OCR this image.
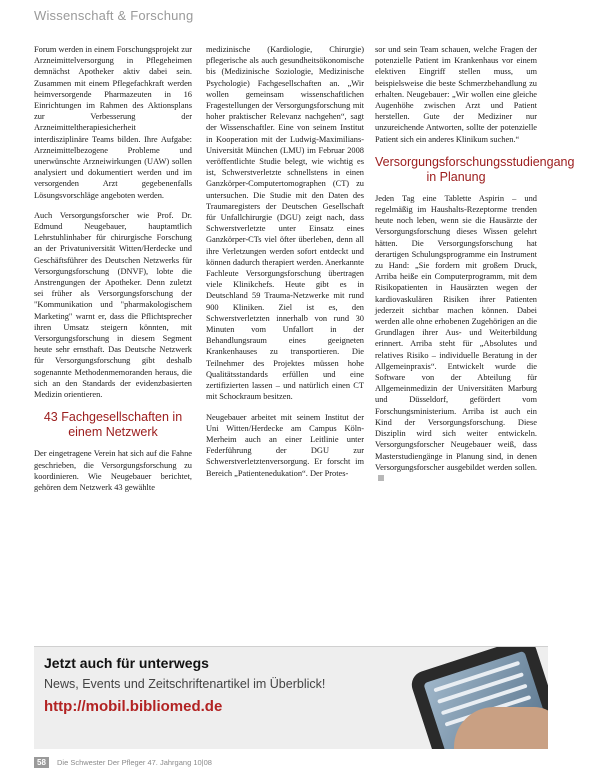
Wissenschaft & Forschung

Forum werden in einem Forschungsprojekt zur Arzneimittelversorgung in Pflegeheimen demnächst Apotheker aktiv dabei sein. Zusammen mit einem Pflegefachkraft werden heimversorgende Pharmazeuten in 16 Einrichtungen im Rahmen des Aktionsplans zur Verbesserung der Arzneimitteltherapiesicherheit interdisziplinäre Teams bilden. Ihre Aufgabe: Arzneimittelbezogene Probleme und unerwünschte Arzneiwirkungen (UAW) sollen analysiert und dokumentiert werden und im versorgenden Arzt gegebenenfalls Lösungsvorschläge angeboten werden.

Auch Versorgungsforscher wie Prof. Dr. Edmund Neugebauer, hauptamtlich Lehrstuhlinhaber für chirurgische Forschung an der Privatuniversität Witten/Herdecke und Geschäftsführer des Deutschen Netzwerks für Versorgungsforschung (DNVF), lobte die Anstrengungen der Apotheker. Denn zuletzt sei früher als Versorgungsforschung der "Kommunikation und "pharmakologischem Marketing" warnt er, dass die Pflichtsprecher ihren Umsatz steigern könnten, mit Versorgungsforschung in diesem Segment heute sehr ernsthaft. Das Deutsche Netzwerk für Versorgungsforschung gibt deshalb sogenannte Methodenmemoranden heraus, die sich an den Standards der evidenzbasierten Medizin orientieren.

43 Fachgesellschaften in einem Netzwerk

Der eingetragene Verein hat sich auf die Fahne geschrieben, die Versorgungsforschung zu koordinieren. Wie Neugebauer berichtet, gehören dem Netzwerk 43 gewählte

medizinische (Kardiologie, Chirurgie) pflegerische als auch gesundheitsökonomische bis (Medizinische Soziologie, Medizinische Psychologie) Fachgesellschaften an. „Wir wollen gemeinsam wissenschaftlichen Fragestellungen der Versorgungsforschung mit hoher praktischer Relevanz nachgehen“, sagt der Wissenschaftler. Eine von seinem Institut in Kooperation mit der Ludwig-Maximilians-Universität München (LMU) im Februar 2008 veröffentlichte Studie belegt, wie wichtig es ist, Schwerstverletzte schnellstens in einen Ganzkörper-Computertomographen (CT) zu untersuchen. Die Studie mit den Daten des Traumaregisters der Deutschen Gesellschaft für Unfallchirurgie (DGU) zeigt nach, dass Schwerstverletzte unter Einsatz eines Ganzkörper-CTs viel öfter überleben, denn all ihre Verletzungen werden sofort entdeckt und können dadurch therapiert werden. Anerkannte Fachleute Versorgungsforschung übertragen viele Klinikchefs. Heute gibt es in Deutschland 59 Trauma-Netzwerke mit rund 900 Kliniken. Ziel ist es, den Schwerstverletzten innerhalb von rund 30 Minuten vom Unfallort in der Behandlungsraum eines geeigneten Krankenhauses zu transportieren. Die Teilnehmer des Projektes müssen hohe Qualitätsstandards erfüllen und eine zertifizierten lassen – und natürlich einen CT mit Schockraum besitzen.

Neugebauer arbeitet mit seinem Institut der Uni Witten/Herdecke am Campus Köln-Merheim auch an einer Leitlinie unter Federführung der DGU zur Schwerstverletztenversorgung. Er forscht im Bereich „Patientenedukation“. Der Protes-

sor und sein Team schauen, welche Fragen der potenzielle Patient im Krankenhaus vor einem elektiven Eingriff stellen muss, um beispielsweise die beste Schmerzbehandlung zu erhalten. Neugebauer: „Wir wollen eine gleiche Augenhöhe zwischen Arzt und Patient herstellen. Gute der Mediziner nur unzureichende Antworten, sollte der potenzielle Patient sich ein anderes Klinikum suchen.“

Versorgungsforschungsstudiengang in Planung

Jeden Tag eine Tablette Aspirin – und regelmäßig im Haushalts-Rezeptorme trenden heute noch leben, wenn sie die Hausärzte der Versorgungsforschung dieses Wissen gelehrt hätten. Die Versorgungsforschung hat derartigen Schulungsprogramme ein Instrument zu Hand: „Sie fordern mit großem Druck, Arriba heiße ein Computerprogramm, mit dem Risikopatienten in Hausärzten wegen der kardiovaskulären Risiken ihrer Patienten jederzeit sichtbar machen können. Dabei werden alle ohne erhobenen Zugehörigen an die Grundlagen ihrer Aus- und Weiterbildung erinnert. Arriba steht für „Absolutes und relatives Risiko – individuelle Beratung in der Allgemeinpraxis“. Entwickelt wurde die Software von der Abteilung für Allgemeinmedizin der Universitäten Marburg und Düsseldorf, gefördert vom Forschungsministerium. Arriba ist auch ein Kind der Versorgungsforschung. Diese Disziplin wird sich weiter entwickeln. Versorgungsforscher Neugebauer weiß, dass Masterstudiengänge in Planung sind, in denen Versorgungsforscher ausgebildet werden sollen.

Jetzt auch für unterwegs
News, Events und Zeitschriftenartikel im Überblick!
http://mobil.bibliomed.de
58 Die Schwester Der Pfleger 47. Jahrgang 10|08
